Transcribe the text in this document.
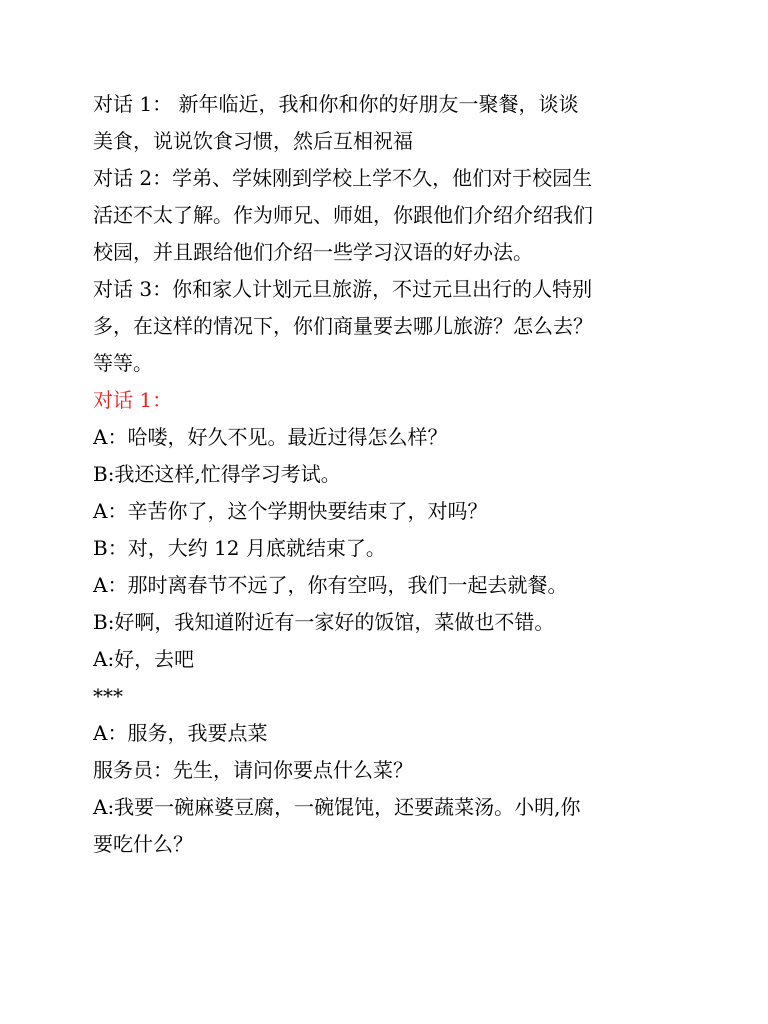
对话 1： 新年临近，我和你和你的好朋友一聚餐，谈谈

美食，说说饮食习惯，然后互相祝福

对话 2：学弟、学妹刚到学校上学不久，他们对于校园生

活还不太了解。作为师兄、师姐，你跟他们介绍介绍我们

校园，并且跟给他们介绍一些学习汉语的好办法。

对话 3：你和家人计划元旦旅游，不过元旦出行的人特别

多，在这样的情况下，你们商量要去哪儿旅游？怎么去？

等等。

对话 1：

A：哈喽，好久不见。最近过得怎么样？

B:我还这样,忙得学习考试。

A：辛苦你了，这个学期快要结束了，对吗？

B：对，大约 12 月底就结束了。

A：那时离春节不远了，你有空吗，我们一起去就餐。

B:好啊，我知道附近有一家好的饭馆，菜做也不错。

A:好，去吧

***

A：服务，我要点菜

服务员：先生，请问你要点什么菜？

A:我要一碗麻婆豆腐，一碗馄饨，还要蔬菜汤。小明,你

要吃什么？
